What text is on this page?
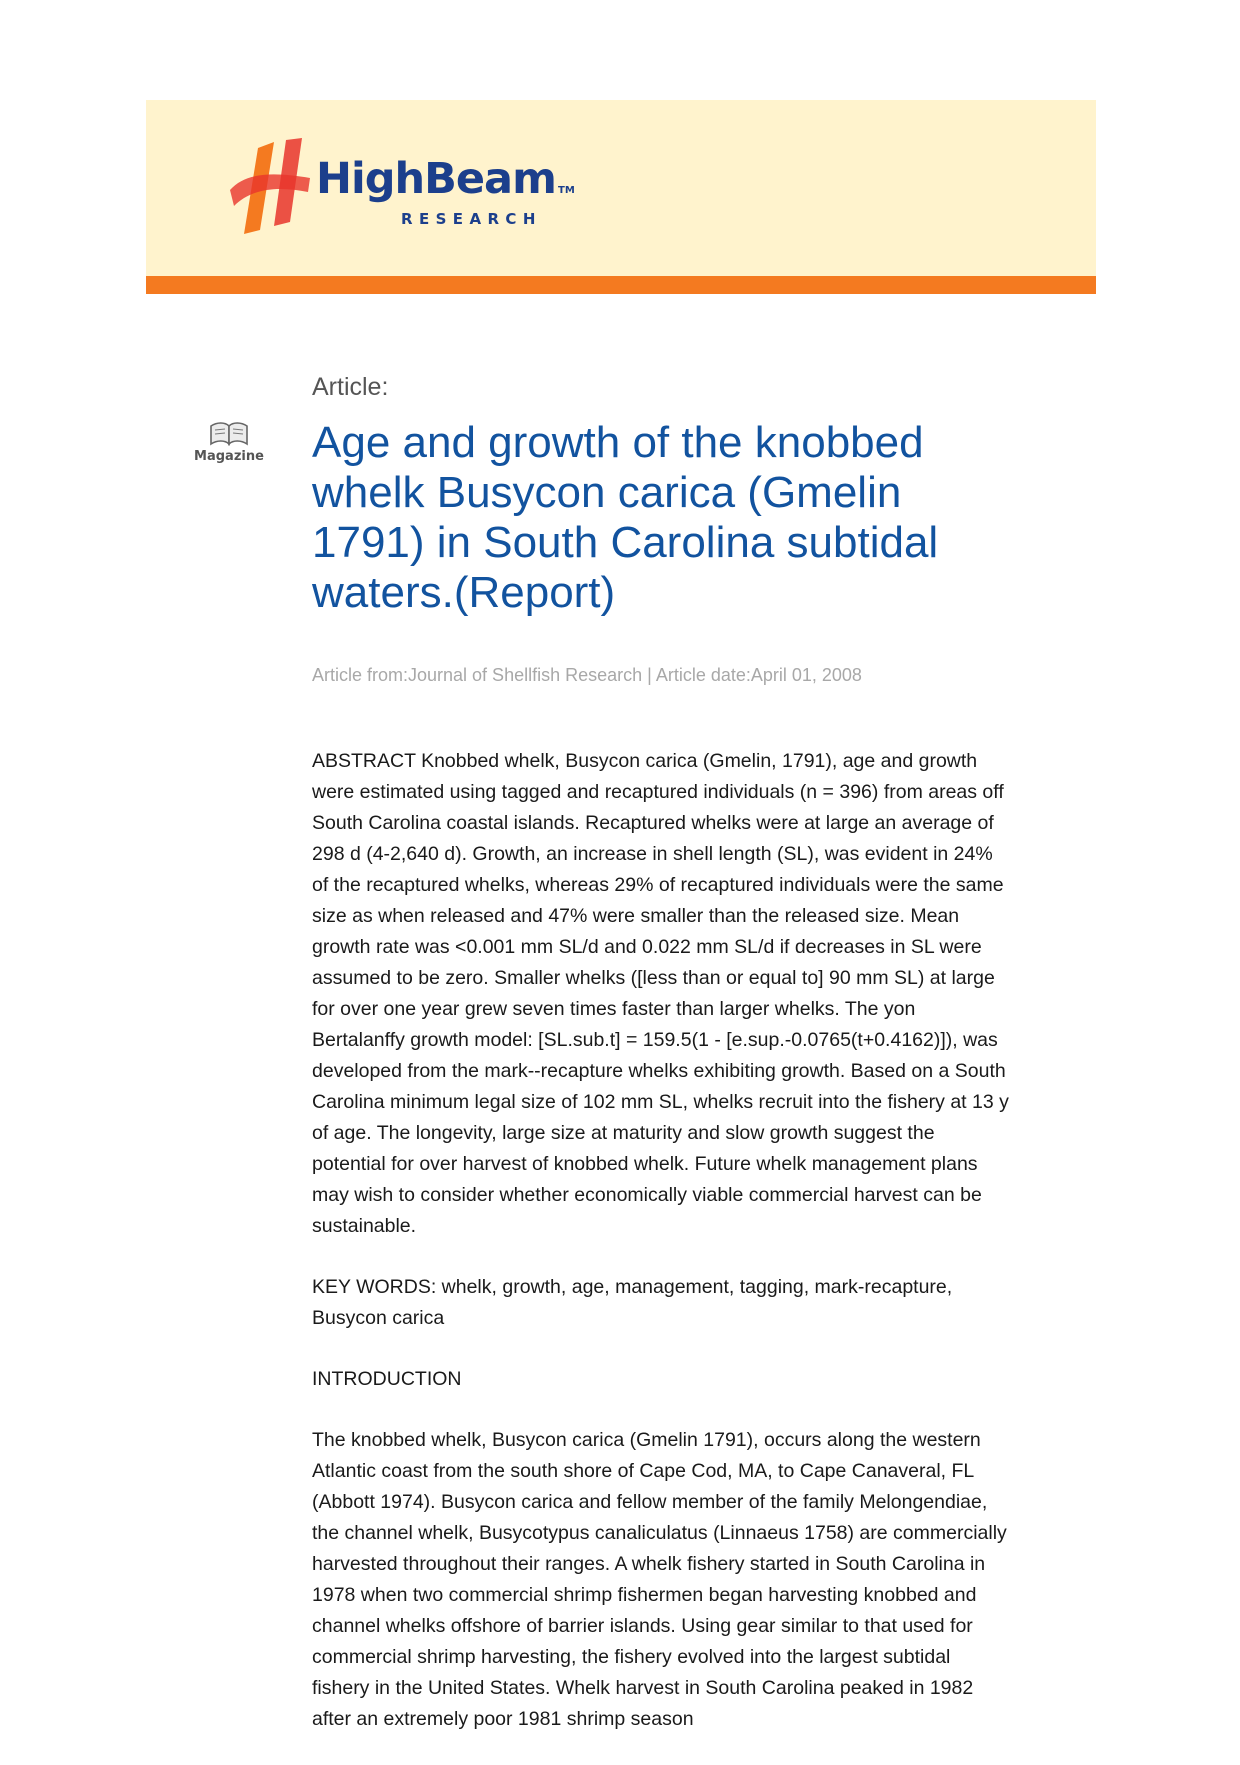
HighBeam TM
RESEARCH
Article:
Magazine Age and growth of the knobbed whelk Busycon carica (Gmelin 1791) in South Carolina subtidal waters.(Report)
Article from:Journal of Shellfish Research | Article date:April 01, 2008

ABSTRACT Knobbed whelk, Busycon carica (Gmelin, 1791), age and growth were estimated using tagged and recaptured individuals (n = 396) from areas off South Carolina coastal islands. Recaptured whelks were at large an average of 298 d (4-2,640 d). Growth, an increase in shell length (SL), was evident in 24% of the recaptured whelks, whereas 29% of recaptured individuals were the same size as when released and 47% were smaller than the released size. Mean growth rate was <0.001 mm SL/d and 0.022 mm SL/d if decreases in SL were assumed to be zero. Smaller whelks ([less than or equal to] 90 mm SL) at large for over one year grew seven times faster than larger whelks. The yon Bertalanffy growth model: [SL.sub.t] = 159.5(1 - [e.sup.-0.0765(t+0.4162)]), was developed from the mark--recapture whelks exhibiting growth. Based on a South Carolina minimum legal size of 102 mm SL, whelks recruit into the fishery at 13 y of age. The longevity, large size at maturity and slow growth suggest the potential for over harvest of knobbed whelk. Future whelk management plans may wish to consider whether economically viable commercial harvest can be sustainable.

KEY WORDS: whelk, growth, age, management, tagging, mark-recapture, Busycon carica

INTRODUCTION

The knobbed whelk, Busycon carica (Gmelin 1791), occurs along the western Atlantic coast from the south shore of Cape Cod, MA, to Cape Canaveral, FL (Abbott 1974). Busycon carica and fellow member of the family Melongendiae, the channel whelk, Busycotypus canaliculatus (Linnaeus 1758) are commercially harvested throughout their ranges. A whelk fishery started in South Carolina in 1978 when two commercial shrimp fishermen began harvesting knobbed and channel whelks offshore of barrier islands. Using gear similar to that used for commercial shrimp harvesting, the fishery evolved into the largest subtidal fishery in the United States. Whelk harvest in South Carolina peaked in 1982 after an extremely poor 1981 shrimp season
